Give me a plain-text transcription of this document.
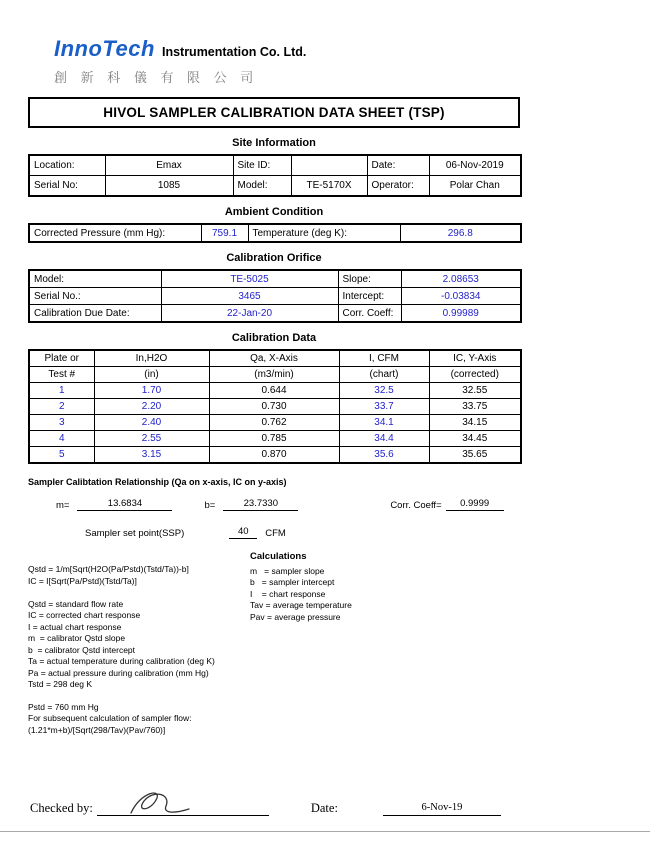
InnoTech Instrumentation Co. Ltd.
創 新 科 儀 有 限 公 司
HIVOL SAMPLER CALIBRATION DATA SHEET (TSP)
Site Information
Location:	Emax	Site ID:		Date:	06-Nov-2019
Serial No:	1085	Model:	TE-5170X	Operator:	Polar Chan
Ambient Condition
Corrected Pressure (mm Hg):	759.1	Temperature (deg K):	296.8
Calibration Orifice
Model:	TE-5025	Slope:	2.08653
Serial No.:	3465	Intercept:	-0.03834
Calibration Due Date:	22-Jan-20	Corr. Coeff:	0.99989
Calibration Data
Plate or	In,H2O	Qa, X-Axis	I, CFM	IC, Y-Axis
Test #	(in)	(m3/min)	(chart)	(corrected)
1	1.70	0.644	32.5	32.55
2	2.20	0.730	33.7	33.75
3	2.40	0.762	34.1	34.15
4	2.55	0.785	34.4	34.45
5	3.15	0.870	35.6	35.65
Sampler Calibtation Relationship (Qa on x-axis, IC on y-axis)
m=	13.6834	b=	23.7330	Corr. Coeff=	0.9999
Sampler set point(SSP)	40	CFM
Qstd = 1/m[Sqrt(H2O(Pa/Pstd)(Tstd/Ta))-b]
IC = I[Sqrt(Pa/Pstd)(Tstd/Ta)]
Qstd = standard flow rate
IC = corrected chart response
I = actual chart response
m  = calibrator Qstd slope
b  = calibrator Qstd intercept
Ta = actual temperature during calibration (deg K)
Pa = actual pressure during calibration (mm Hg)
Tstd = 298 deg K
Calculations
m   = sampler slope
b   = sampler intercept
I    = chart response
Tav = average temperature
Pav = average pressure
Pstd = 760 mm Hg
For subsequent calculation of sampler flow:
(1.21*m+b)/[Sqrt(298/Tav)(Pav/760)]
Checked by:	Date:	6-Nov-19
